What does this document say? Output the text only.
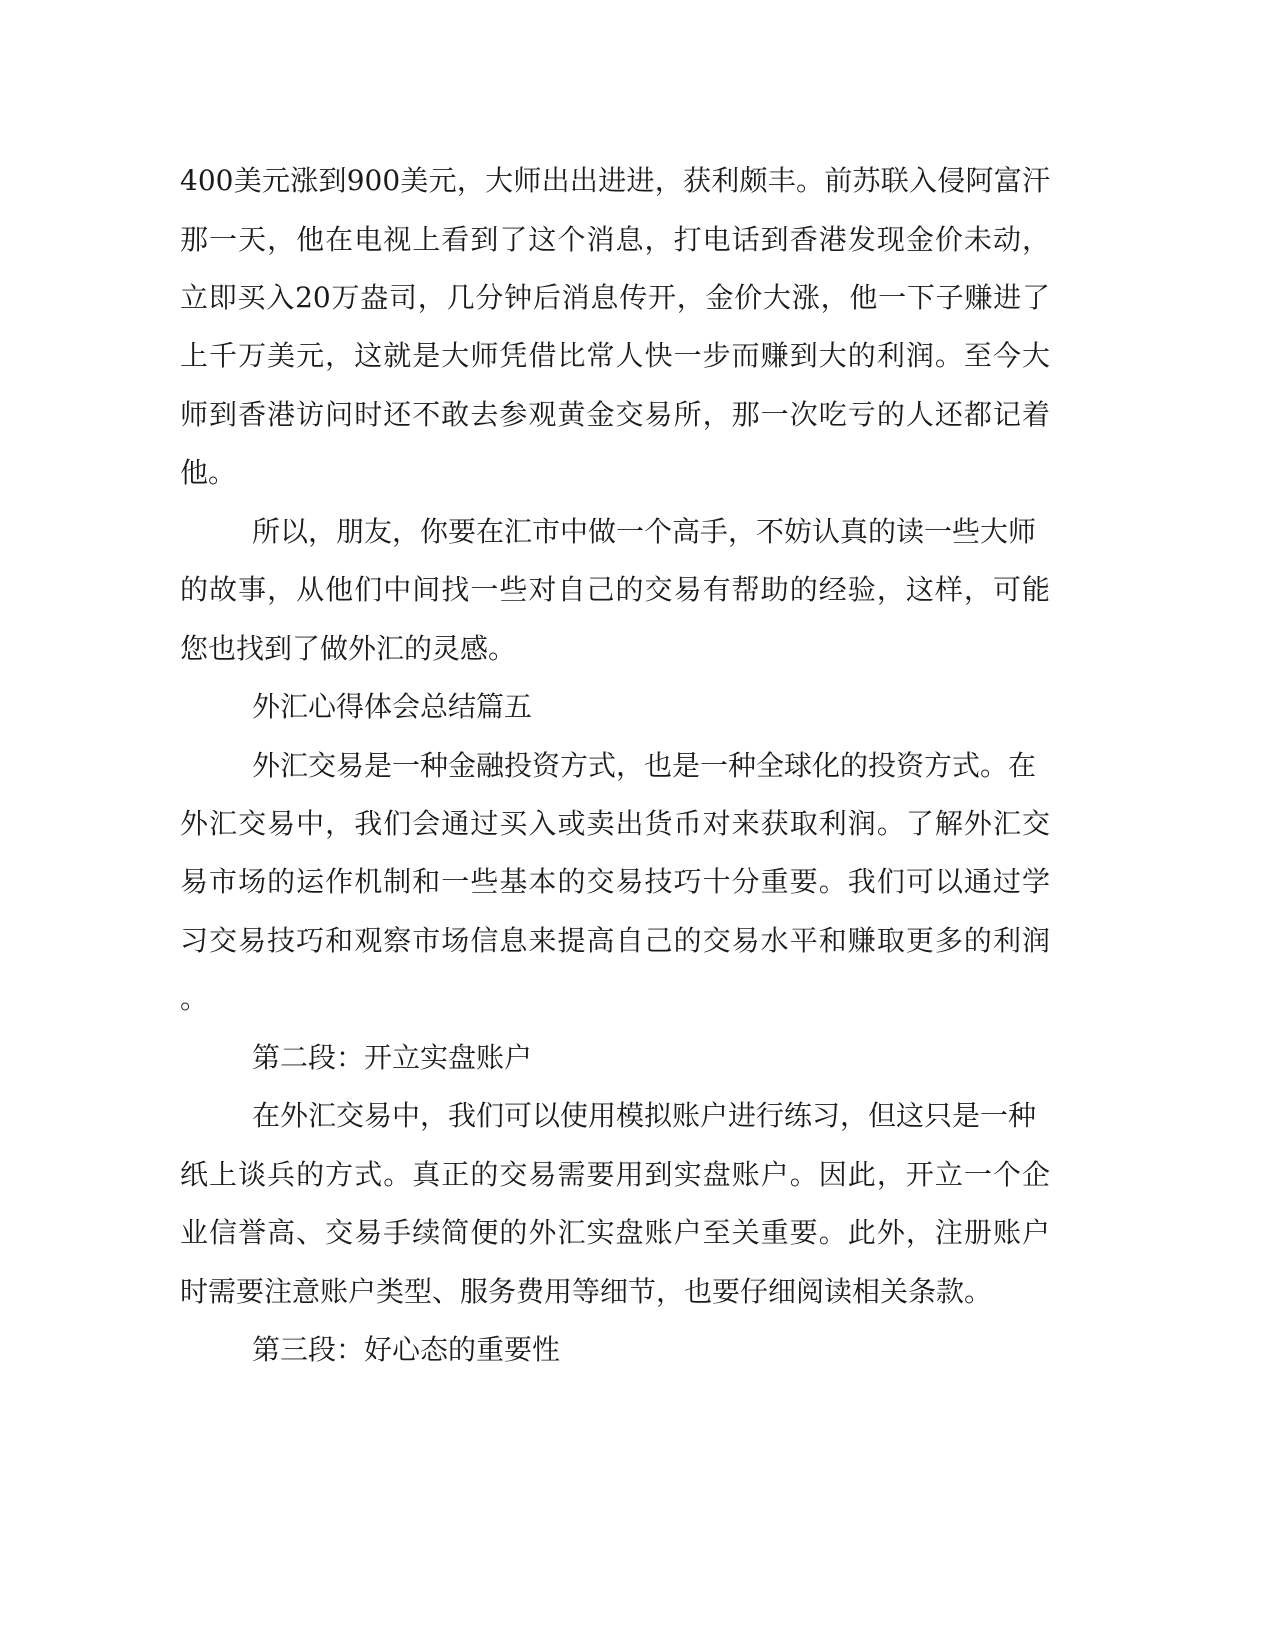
400美元涨到900美元，大师出出进进，获利颇丰。前苏联入侵阿富汗
那一天，他在电视上看到了这个消息，打电话到香港发现金价未动，
立即买入20万盎司，几分钟后消息传开，金价大涨，他一下子赚进了
上千万美元，这就是大师凭借比常人快一步而赚到大的利润。至今大
师到香港访问时还不敢去参观黄金交易所，那一次吃亏的人还都记着
他。
所以，朋友，你要在汇市中做一个高手，不妨认真的读一些大师
的故事，从他们中间找一些对自己的交易有帮助的经验，这样，可能
您也找到了做外汇的灵感。
外汇心得体会总结篇五
外汇交易是一种金融投资方式，也是一种全球化的投资方式。在
外汇交易中，我们会通过买入或卖出货币对来获取利润。了解外汇交
易市场的运作机制和一些基本的交易技巧十分重要。我们可以通过学
习交易技巧和观察市场信息来提高自己的交易水平和赚取更多的利润
。
第二段：开立实盘账户
在外汇交易中，我们可以使用模拟账户进行练习，但这只是一种
纸上谈兵的方式。真正的交易需要用到实盘账户。因此，开立一个企
业信誉高、交易手续简便的外汇实盘账户至关重要。此外，注册账户
时需要注意账户类型、服务费用等细节，也要仔细阅读相关条款。
第三段：好心态的重要性
